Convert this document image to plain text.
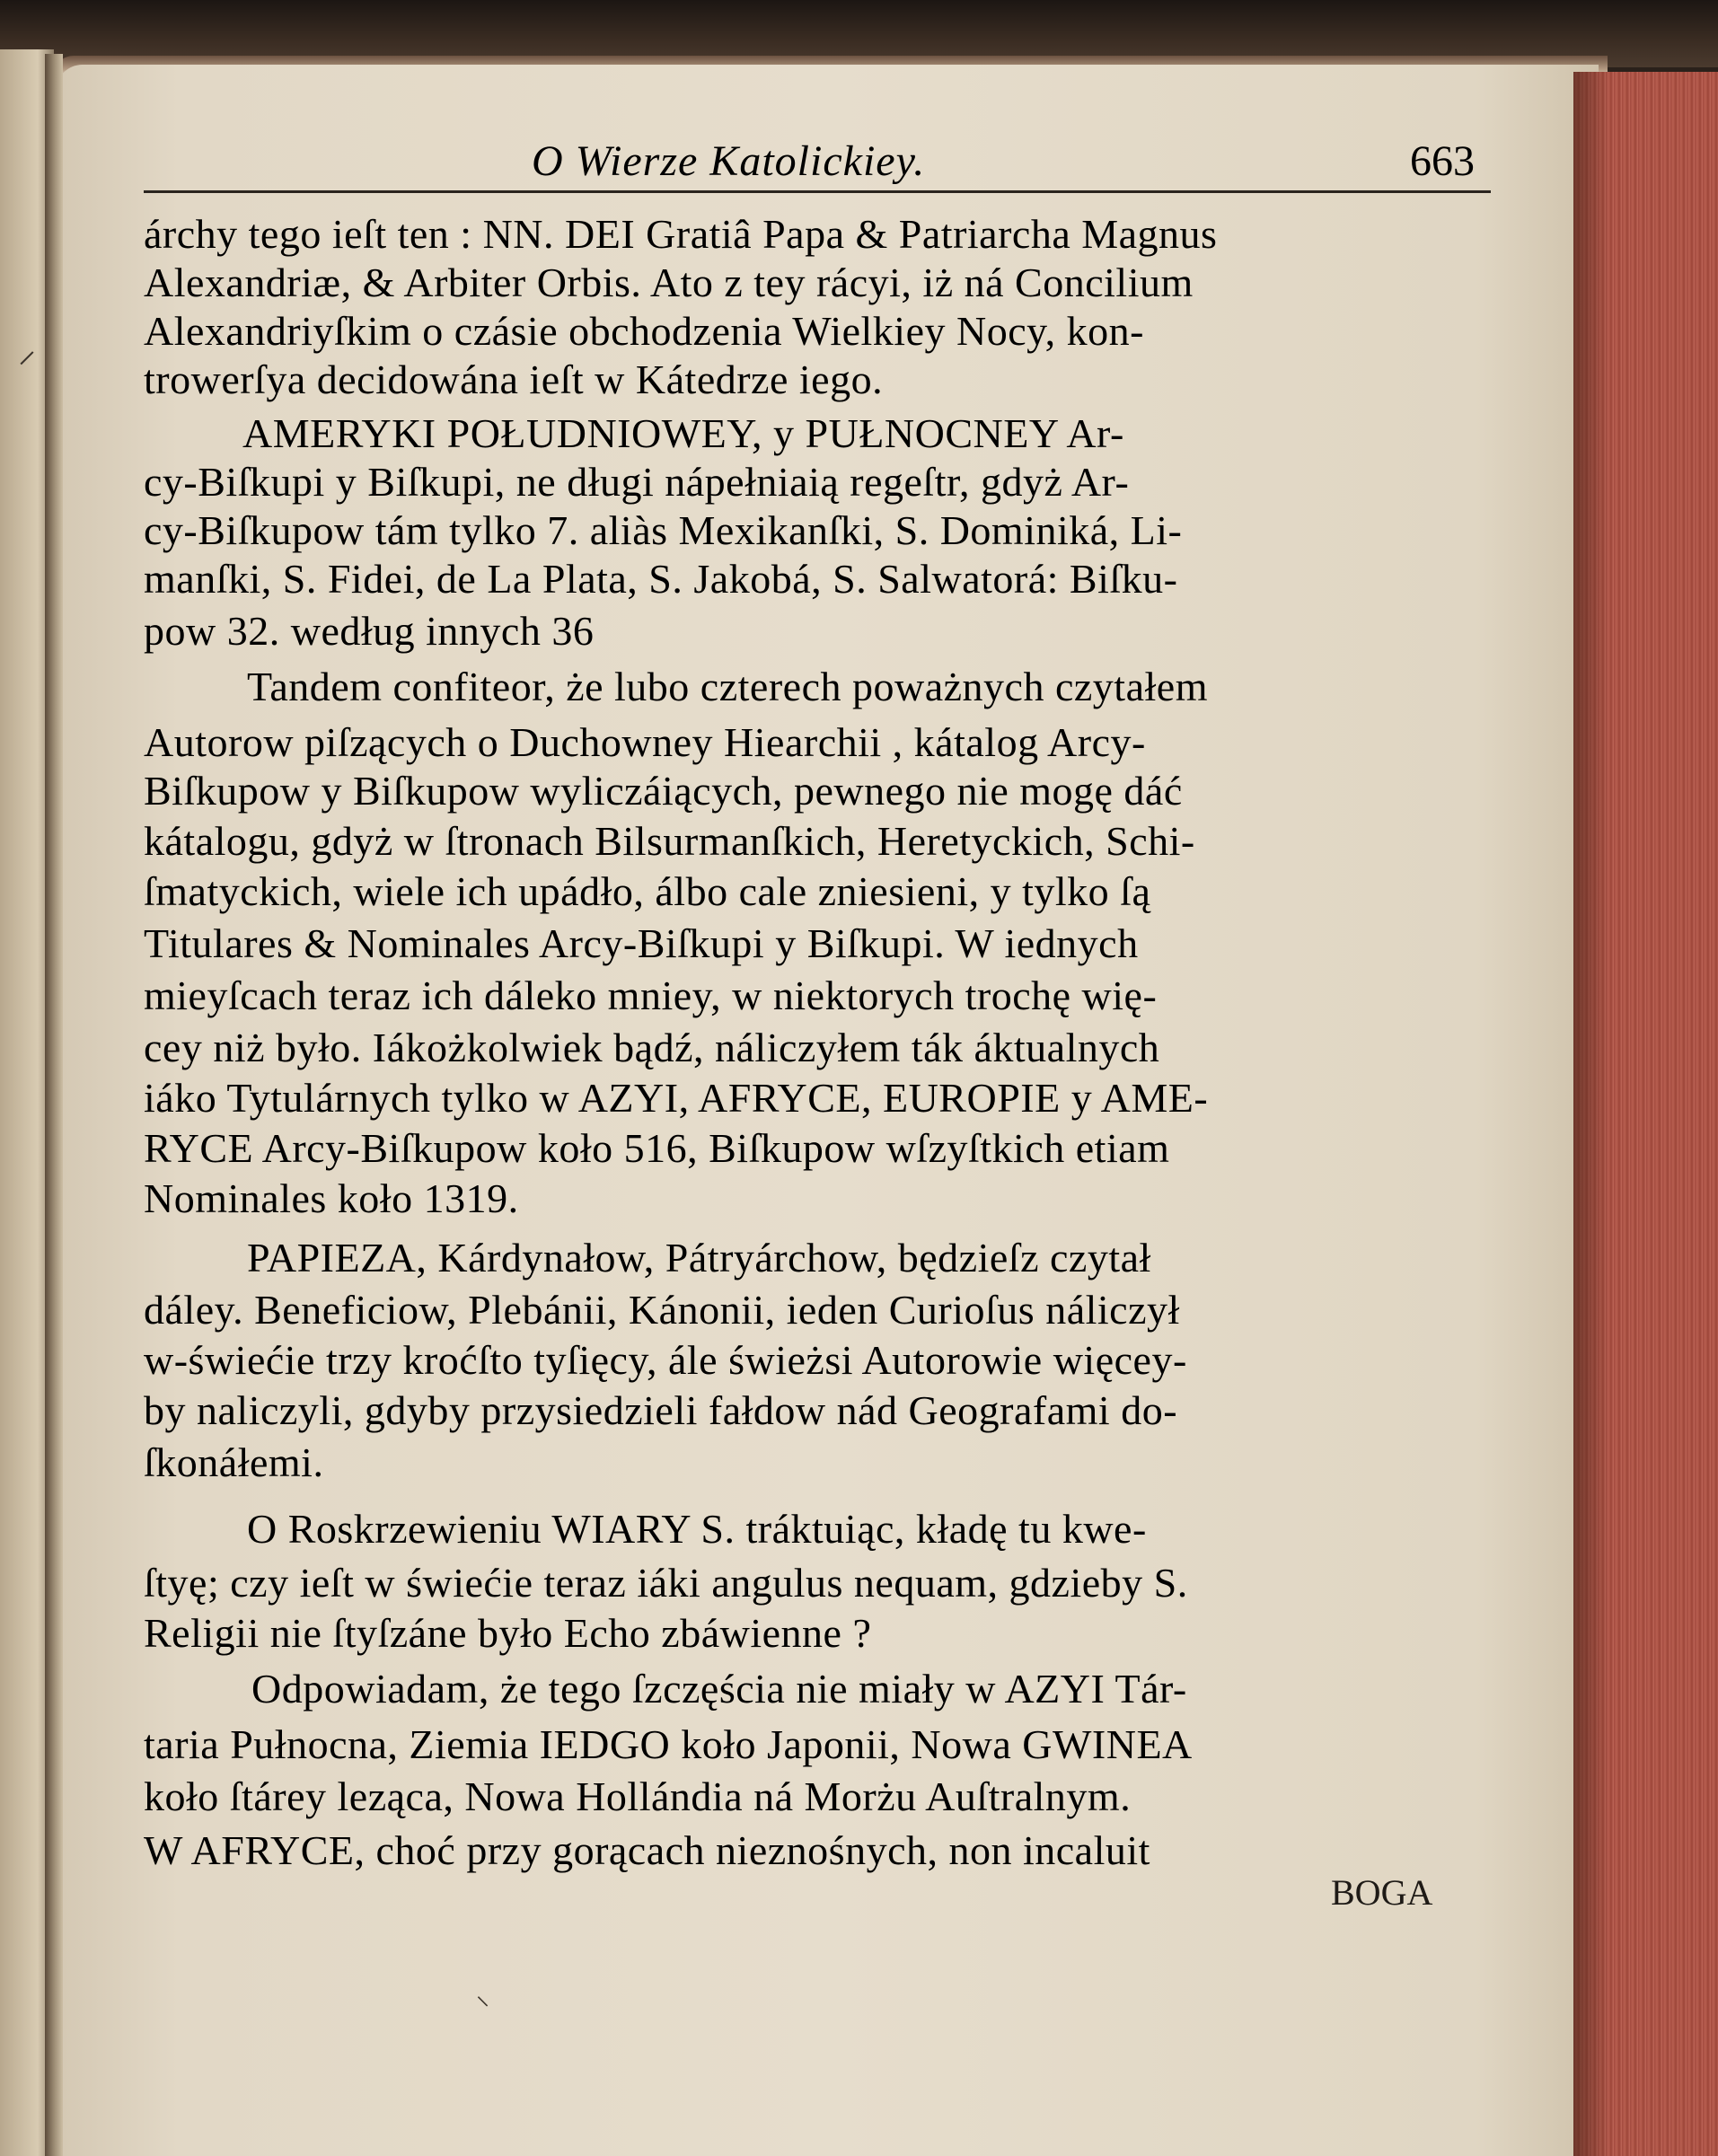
O Wierze Katolickiey.	663
árchy tego ieſt ten : NN. DEI Gratiâ Papa & Patriarcha Magnus
Alexandriæ, & Arbiter Orbis. Ato z tey rácyi, iż ná Concilium
Alexandriyſkim o czásie obchodzenia Wielkiey Nocy, kon-
trowerſya decidowána ieſt w Kátedrze iego.
AMERYKI POŁUDNIOWEY, y PUŁNOCNEY Ar-
cy-Biſkupi y Biſkupi, ne długi nápełniaią regeſtr, gdyż Ar-
cy-Biſkupow tám tylko 7. aliàs Mexikanſki, S. Dominiká, Li-
manſki, S. Fidei, de La Plata, S. Jakobá, S. Salwatorá: Biſku-
pow 32. według innych 36
Tandem confiteor, że lubo czterech poważnych czytałem
Autorow piſzących o Duchowney Hiearchii , kátalog Arcy-
Biſkupow y Biſkupow wyliczáiących, pewnego nie mogę dáć
kátalogu, gdyż w ſtronach Bilsurmanſkich, Heretyckich, Schi-
ſmatyckich, wiele ich upádło, álbo cale zniesieni, y tylko ſą
Titulares & Nominales Arcy-Biſkupi y Biſkupi. W iednych
mieyſcach teraz ich dáleko mniey, w niektorych trochę wię-
cey niż było. Iákożkolwiek bądź, náliczyłem ták áktualnych
iáko Tytulárnych tylko w AZYI, AFRYCE, EUROPIE y AME-
RYCE Arcy-Biſkupow koło 516, Biſkupow wſzyſtkich etiam
Nominales koło 1319.
PAPIEZA, Kárdynałow, Pátryárchow, będzieſz czytał
dáley. Beneficiow, Plebánii, Kánonii, ieden Curioſus náliczył
w-świećie trzy kroćſto tyſięcy, ále świeżsi Autorowie więcey-
by naliczyli, gdyby przysiedzieli fałdow nád Geografami do-
ſkonáłemi.
O Roskrzewieniu WIARY S. tráktuiąc, kładę tu kwe-
ſtyę; czy ieſt w świećie teraz iáki angulus nequam, gdzieby S.
Religii nie ſtyſzáne było Echo zbáwienne ?
Odpowiadam, że tego ſzczęścia nie miały w AZYI Tár-
taria Pułnocna, Ziemia IEDGO koło Japonii, Nowa GWINEA
koło ſtárey leząca, Nowa Hollándia ná Morżu Auſtralnym.
W AFRYCE, choć przy gorącach nieznośnych, non incaluit
BOGA
⸝
⸜
